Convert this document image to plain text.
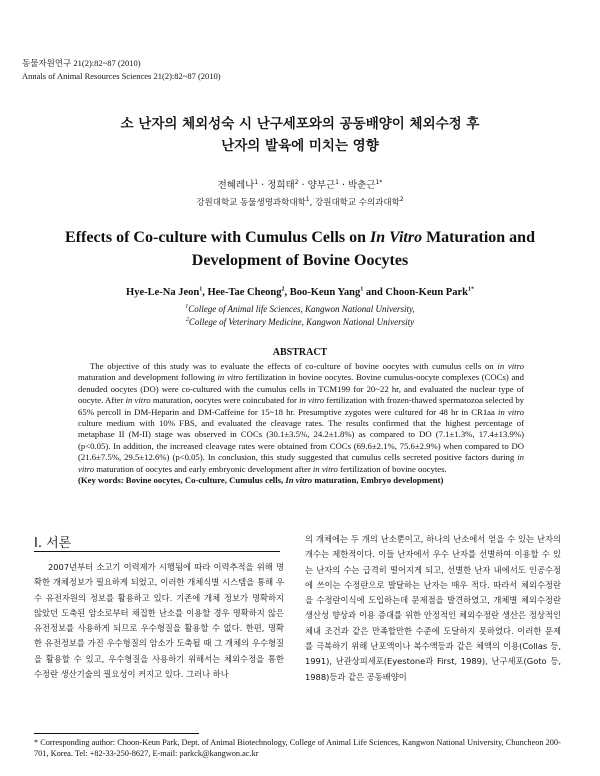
동물자원연구 21(2):82~87 (2010)
Annals of Animal Resources Sciences 21(2):82~87 (2010)
소 난자의 체외성숙 시 난구세포와의 공동배양이 체외수정 후
난자의 발육에 미치는 영향
전혜레나$^1$ · 정희태$^2$ · 양부근$^1$ · 박춘근$^{1*}$
강원대학교 동물생명과학대학$^1$, 강원대학교 수의과대학$^2$
Effects of Co-culture with Cumulus Cells on In Vitro Maturation and
Development of Bovine Oocytes
Hye-Le-Na Jeon$^1$, Hee-Tae Cheong$^2$, Boo-Keun Yang$^1$ and Choon-Keun Park$^{1*}$
$^1$College of Animal life Sciences, Kangwon National University,
$^2$College of Veterinary Medicine, Kangwon National University
ABSTRACT
The objective of this study was to evaluate the effects of co-culture of bovine oocytes with cumulus cells on in vitro maturation and development following in vitro fertilization in bovine oocytes. Bovine cumulus-oocyte complexes (COCs) and denuded oocytes (DO) were co-cultured with the cumulus cells in TCM199 for 20~22 hr, and evaluated the nuclear type of oocyte. After in vitro maturation, oocytes were coincubated for in vitro fertilization with frozen-thawed spermatozoa selected by 65% percoll in DM-Heparin and DM-Caffeine for 15~18 hr. Presumptive zygotes were cultured for 48 hr in CR1aa in vitro culture medium with 10% FBS, and evaluated the cleavage rates. The results confirmed that the highest percentage of metaphase II (M-II) stage was observed in COCs (30.1±3.5%, 24.2±1.8%) as compared to DO (7.1±1.3%, 17.4±13.9%) (p<0.05). In addition, the increased cleavage rates were obtained from COCs (69.6±2.1%, 75.6±2.9%) when compared to DO (21.6±7.5%, 29.5±12.6%) (p<0.05). In conclusion, this study suggested that cumulus cells secreted positive factors during in vitro maturation of oocytes and early embryonic development after in vitro fertilization of bovine oocytes.
(Key words: Bovine oocytes, Co-culture, Cumulus cells, In vitro maturation, Embryo development)
I. 서론
2007년부터 소고기 이력제가 시행됨에 따라 이력추적을 위해 명확한 개체정보가 필요하게 되었고, 이러한 개체식별 시스템을 통해 우수 유전자원의 정보를 활용하고 있다. 기존에 개체 정보가 명확하지 않았던 도축된 암소로부터 채집한 난소를 이용할 경우 명확하지 않은 유전정보를 사용하게 되므로 우수형질을 활용할 수 없다. 한편, 명확한 유전정보를 가진 우수형질의 암소가 도축될 때 그 개체의 우수형질을 활용할 수 있고, 우수형질을 사용하기 위해서는 체외수정을 통한 수정란 생산기술의 필요성이 커지고 있다. 그러나 하나
의 개체에는 두 개의 난소뿐이고, 하나의 난소에서 얻을 수 있는 난자의 개수는 제한적이다. 이들 난자에서 우수 난자를 선별하여 이용할 수 있는 난자의 수는 급격히 떨어지게 되고, 선별한 난자 내에서도 인공수정에 쓰이는 수정란으로 발달하는 난자는 매우 적다. 따라서 체외수정란을 수정란이식에 도입하는데 문제점을 발견하였고, 개체별 체외수정란 생산성 향상과 이용 증대를 위한 안정적인 체외수정란 생산은 정상적인 체내 조건과 같은 만족할만한 수준에 도달하지 못하였다. 이러한 문제를 극복하기 위해 난포액이나 복수액등과 같은 체액의 이용(Collas 등, 1991), 난관상피세포(Eyestone과 First, 1989), 난구세포(Goto 등, 1988)등과 같은 공동배양이
* Corresponding author: Choon-Keun Park, Dept. of Animal Biotechnology, College of Animal Life Sciences, Kangwon National University, Chuncheon 200-701, Korea. Tel: +82-33-250-8627, E-mail: parkck@kangwon.ac.kr
